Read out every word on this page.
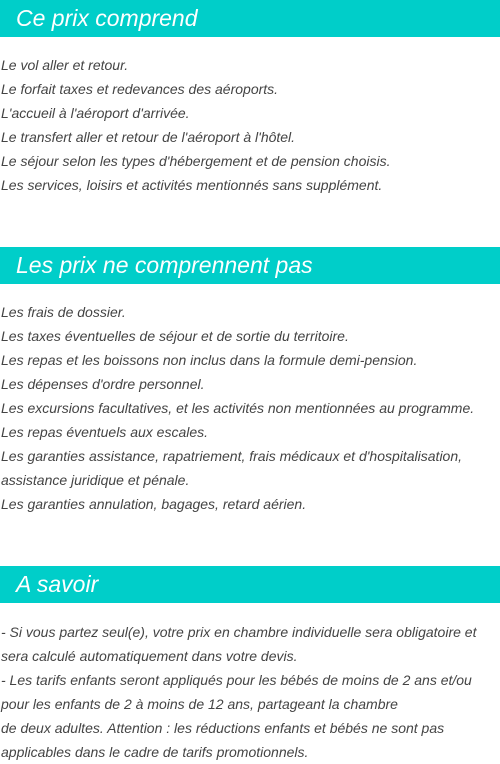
Ce prix comprend
Le vol aller et retour.
Le forfait taxes et redevances des aéroports.
L'accueil à l'aéroport d'arrivée.
Le transfert aller et retour de l'aéroport à l'hôtel.
Le séjour selon les types d'hébergement et de pension choisis.
Les services, loisirs et activités mentionnés sans supplément.
Les prix ne comprennent pas
Les frais de dossier.
Les taxes éventuelles de séjour et de sortie du territoire.
Les repas et les boissons non inclus dans la formule demi-pension.
Les dépenses d'ordre personnel.
Les excursions facultatives, et les activités non mentionnées au programme.
Les repas éventuels aux escales.
Les garanties assistance, rapatriement, frais médicaux et d'hospitalisation, assistance juridique et pénale.
Les garanties annulation, bagages, retard aérien.
A savoir
- Si vous partez seul(e), votre prix en chambre individuelle sera obligatoire et sera calculé automatiquement dans votre devis.
- Les tarifs enfants seront appliqués pour les bébés de moins de 2 ans et/ou pour les enfants de 2 à moins de 12 ans, partageant la chambre
de deux adultes. Attention : les réductions enfants et bébés ne sont pas applicables dans le cadre de tarifs promotionnels.
